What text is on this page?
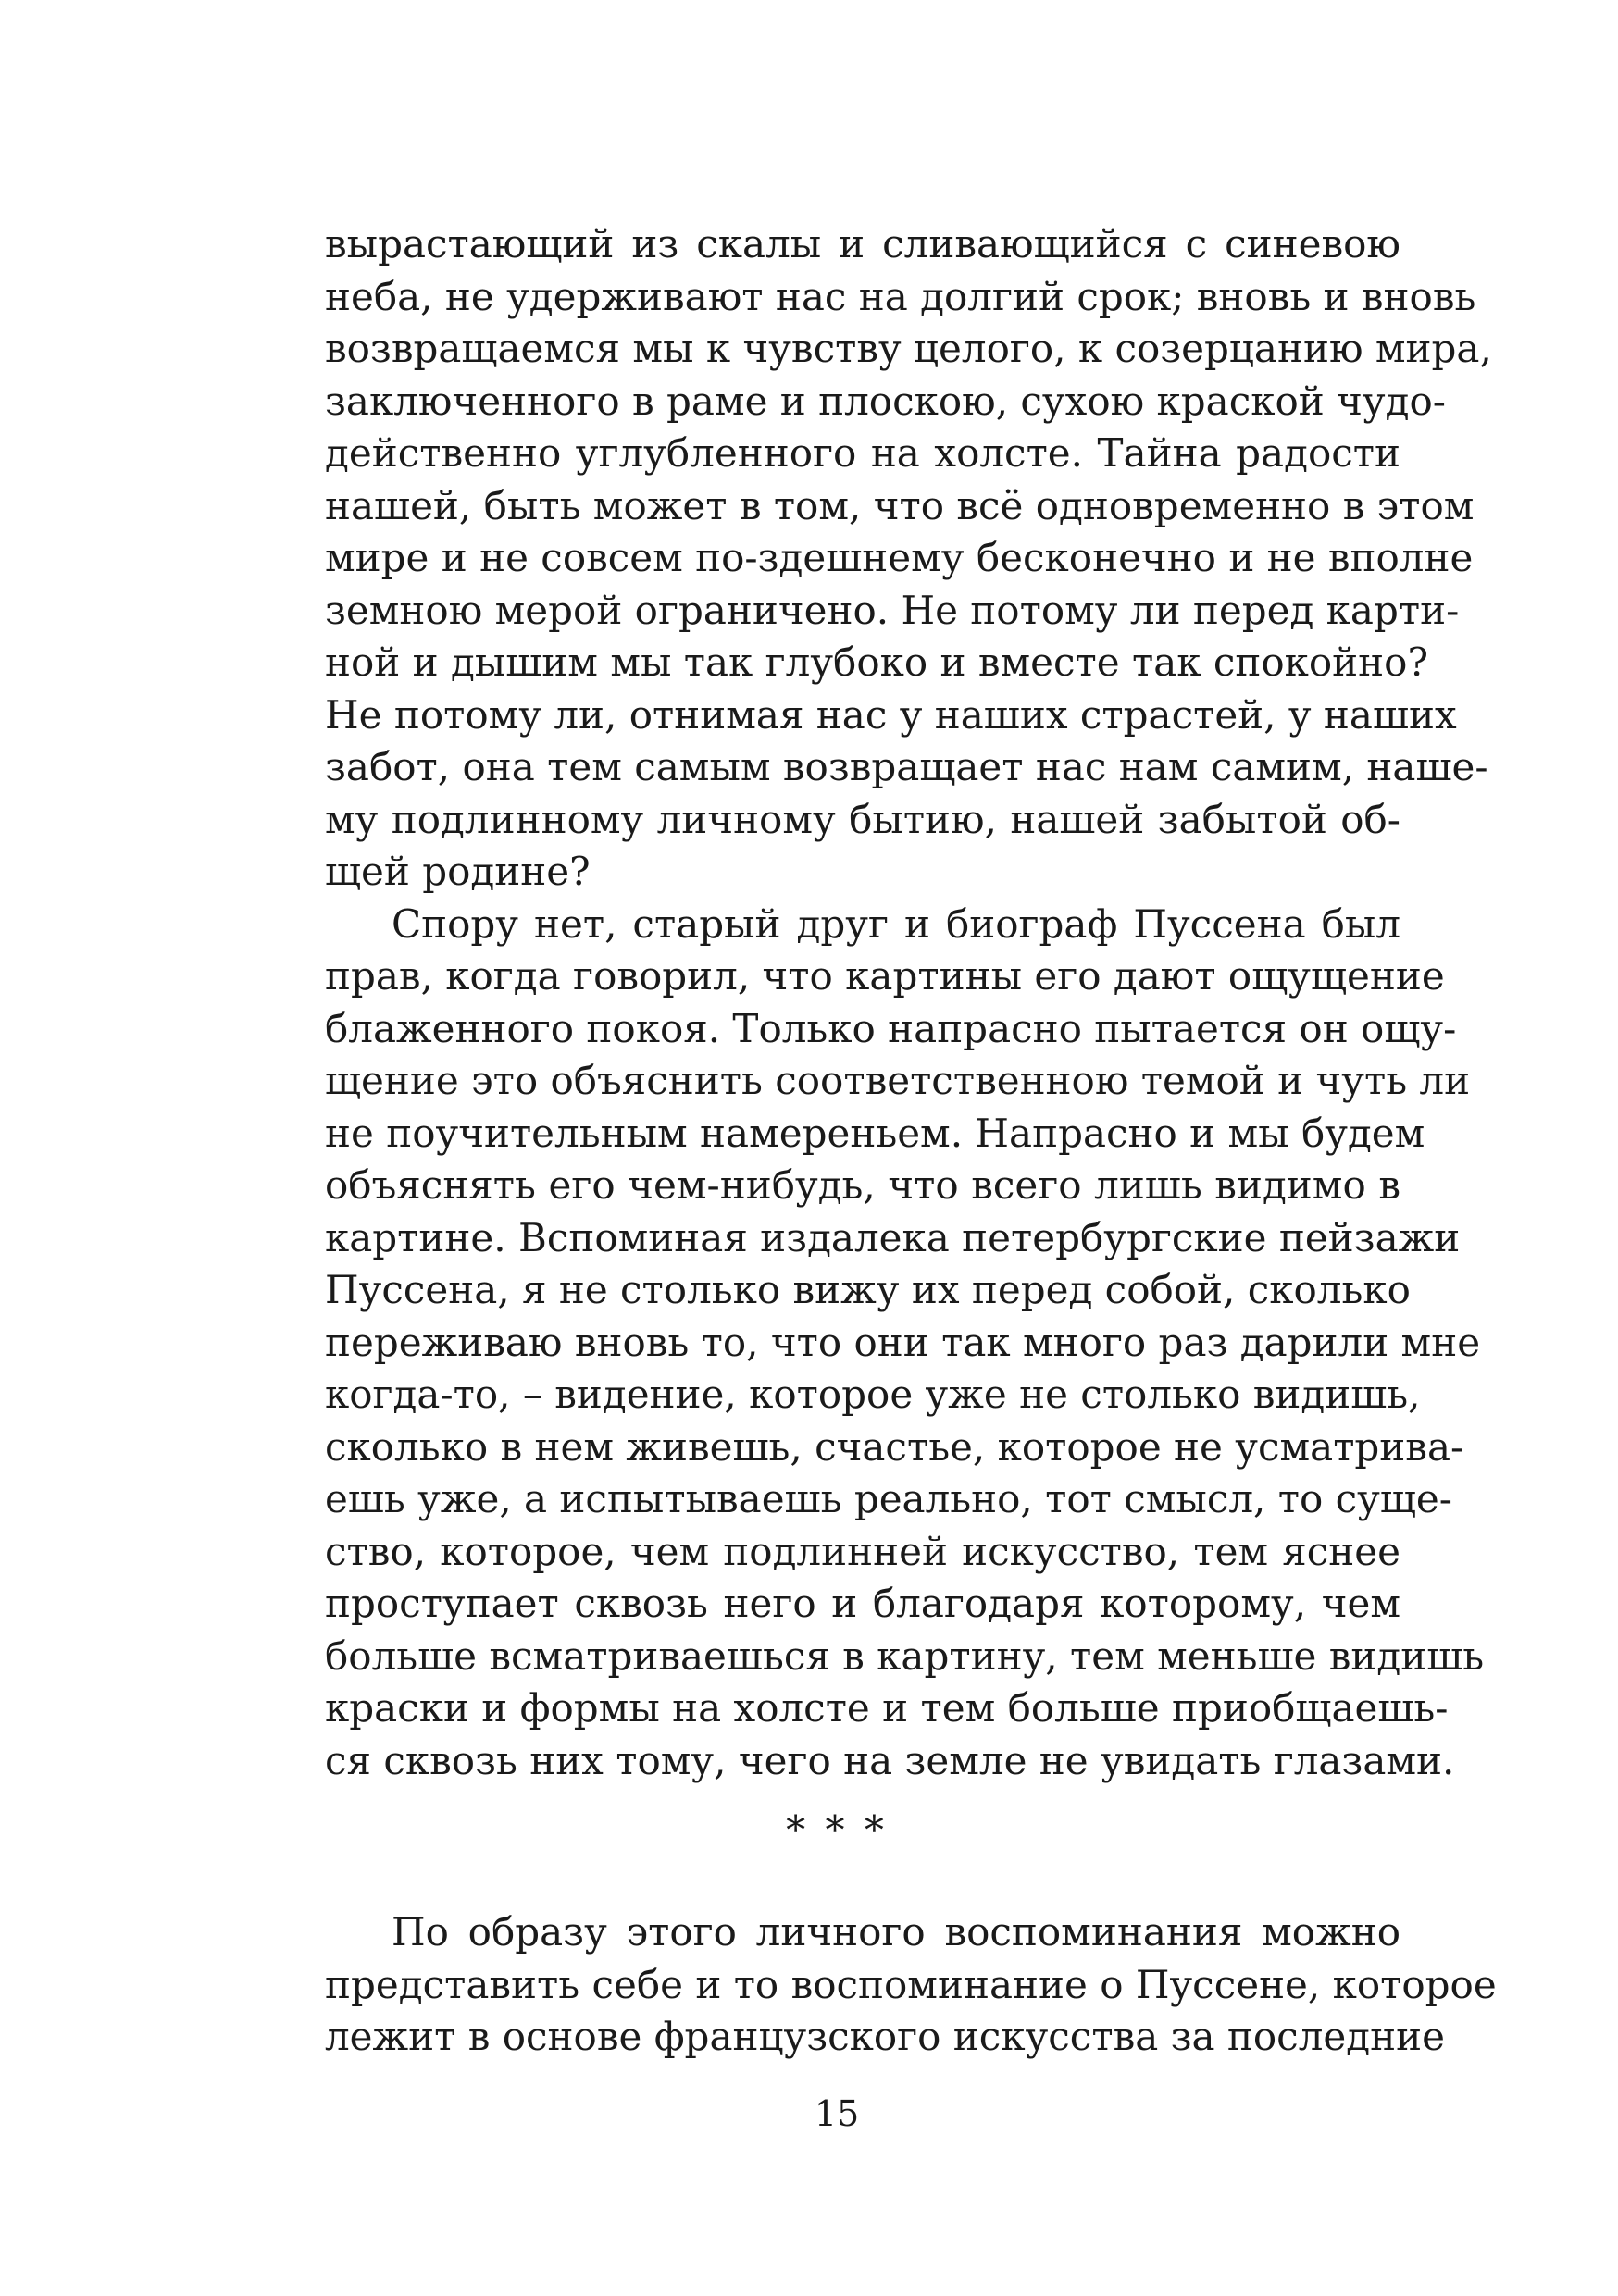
вырастающий из скалы и сливающийся с синевою
неба, не удерживают нас на долгий срок; вновь и вновь
возвращаемся мы к чувству целого, к созерцанию мира,
заключенного в раме и плоскою, сухою краской чудо-
действенно углубленного на холсте. Тайна радости
нашей, быть может в том, что всё одновременно в этом
мире и не совсем по-здешнему бесконечно и не вполне
земною мерой ограничено. Не потому ли перед карти-
ной и дышим мы так глубоко и вместе так спокойно?
Не потому ли, отнимая нас у наших страстей, у наших
забот, она тем самым возвращает нас нам самим, наше-
му подлинному личному бытию, нашей забытой об-
щей родине?
Спору нет, старый друг и биограф Пуссена был
прав, когда говорил, что картины его дают ощущение
блаженного покоя. Только напрасно пытается он ощу-
щение это объяснить соответственною темой и чуть ли
не поучительным намереньем. Напрасно и мы будем
объяснять его чем-нибудь, что всего лишь видимо в
картине. Вспоминая издалека петербургские пейзажи
Пуссена, я не столько вижу их перед собой, сколько
переживаю вновь то, что они так много раз дарили мне
когда-то, – видение, которое уже не столько видишь,
сколько в нем живешь, счастье, которое не усматрива-
ешь уже, а испытываешь реально, тот смысл, то суще-
ство, которое, чем подлинней искусство, тем яснее
проступает сквозь него и благодаря которому, чем
больше всматриваешься в картину, тем меньше видишь
краски и формы на холсте и тем больше приобщаешь-
ся сквозь них тому, чего на земле не увидать глазами.
* * *
По образу этого личного воспоминания можно
представить себе и то воспоминание о Пуссене, которое
лежит в основе французского искусства за последние
15
